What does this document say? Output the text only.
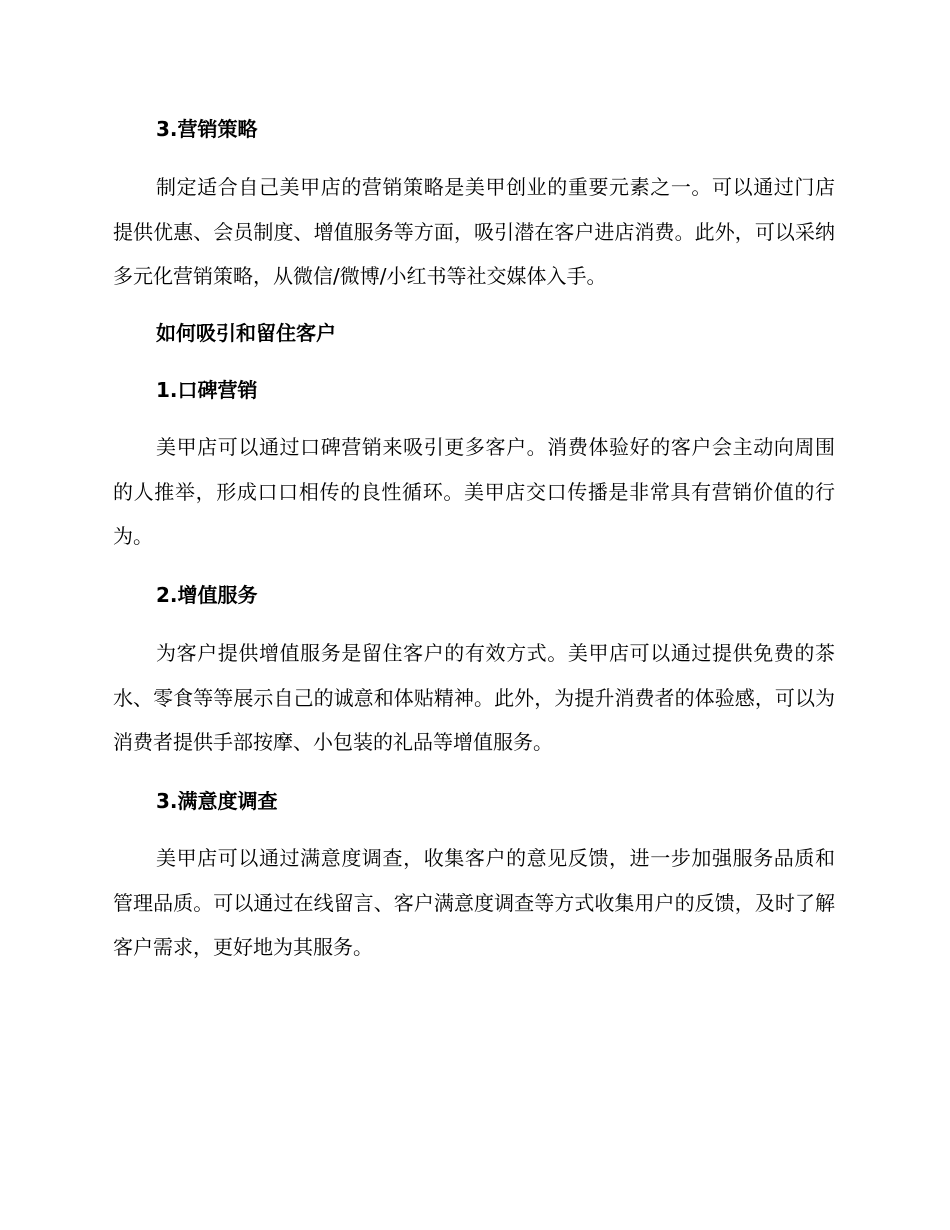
3.营销策略
制定适合自己美甲店的营销策略是美甲创业的重要元素之一。可以通过门店提供优惠、会员制度、增值服务等方面，吸引潜在客户进店消费。此外，可以采纳多元化营销策略，从微信/微博/小红书等社交媒体入手。
如何吸引和留住客户
1.口碑营销
美甲店可以通过口碑营销来吸引更多客户。消费体验好的客户会主动向周围的人推举，形成口口相传的良性循环。美甲店交口传播是非常具有营销价值的行为。
2.增值服务
为客户提供增值服务是留住客户的有效方式。美甲店可以通过提供免费的茶水、零食等等展示自己的诚意和体贴精神。此外，为提升消费者的体验感，可以为消费者提供手部按摩、小包装的礼品等增值服务。
3.满意度调查
美甲店可以通过满意度调查，收集客户的意见反馈，进一步加强服务品质和管理品质。可以通过在线留言、客户满意度调查等方式收集用户的反馈，及时了解客户需求，更好地为其服务。
